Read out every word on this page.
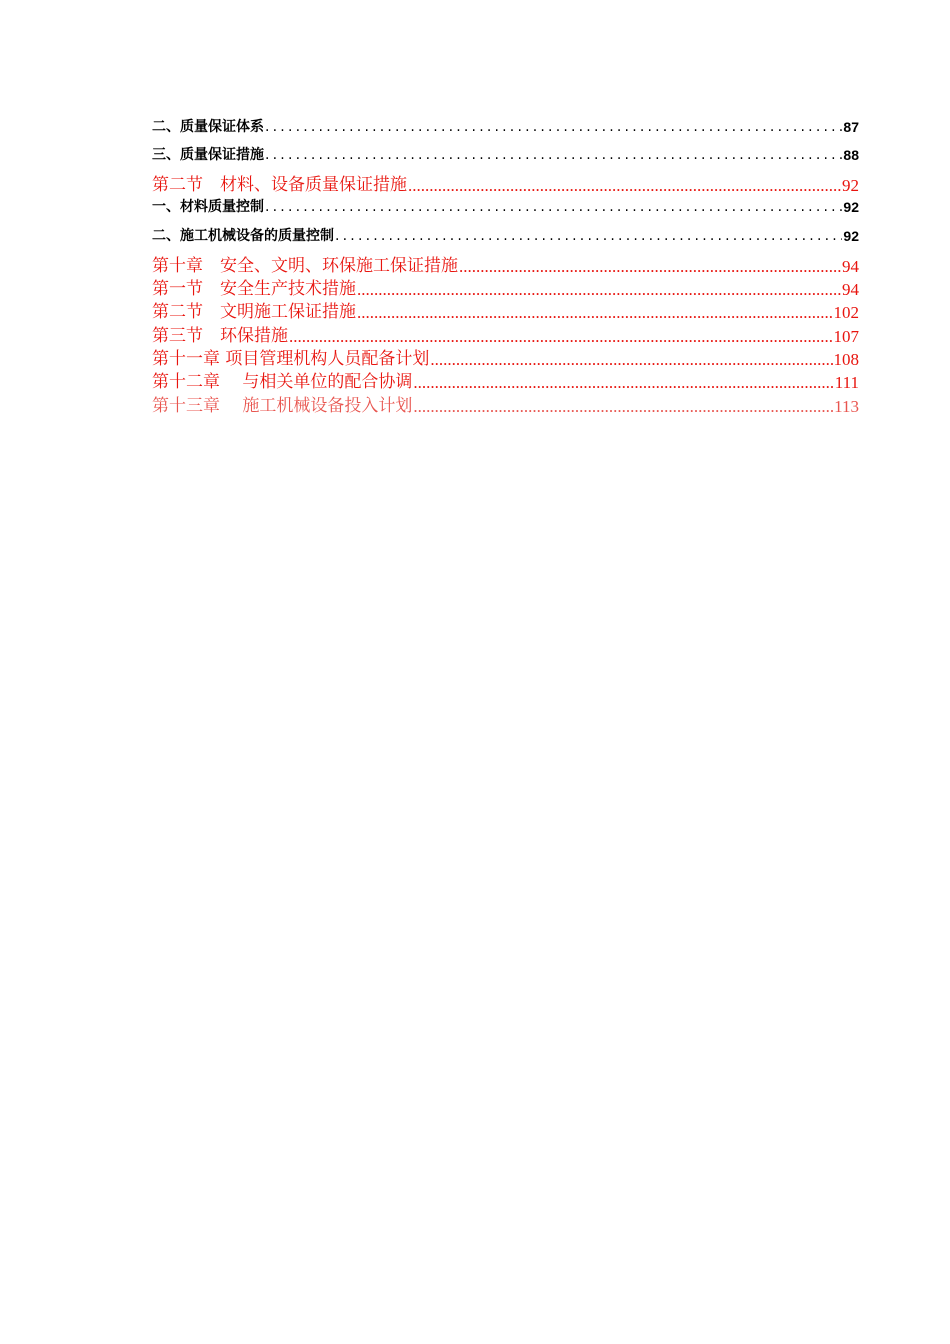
二、质量保证体系 .....	87
三、质量保证措施 .....	88
第二节　材料、设备质量保证措施 .....	92
一、材料质量控制 .....	92
二、施工机械设备的质量控制 .....	92
第十章　安全、文明、环保施工保证措施 .....	94
第一节　安全生产技术措施 .....	94
第二节　文明施工保证措施 .....	102
第三节　环保措施 .....	107
第十一章 项目管理机构人员配备计划 .....	108
第十二章　 与相关单位的配合协调 .....	111
第十三章　 施工机械设备投入计划 .....	113
